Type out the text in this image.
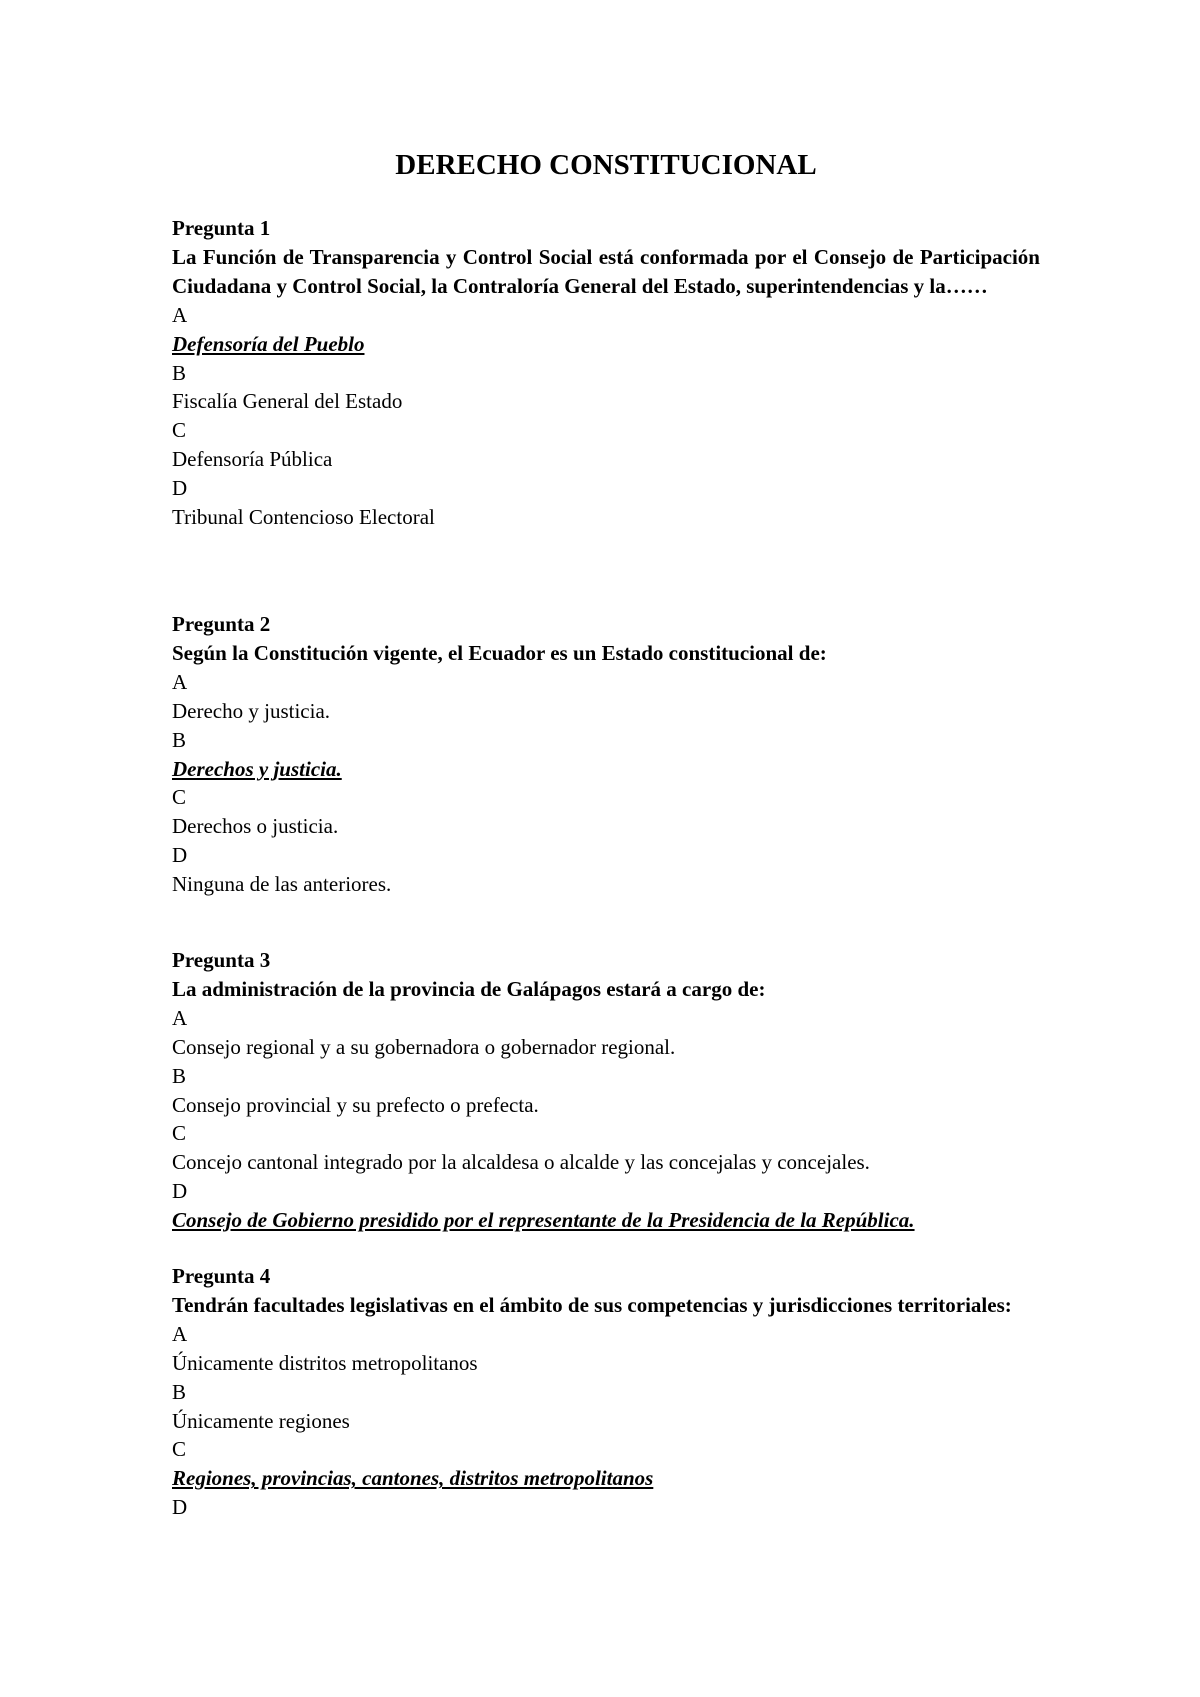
DERECHO CONSTITUCIONAL

Pregunta 1

La Función de Transparencia y Control Social está conformada por el Consejo de Participación Ciudadana y Control Social, la Contraloría General del Estado, superintendencias y la……

A

Defensoría del Pueblo

B

Fiscalía General del Estado

C

Defensoría Pública

D

Tribunal Contencioso Electoral

Pregunta 2

Según la Constitución vigente, el Ecuador es un Estado constitucional de:

A

Derecho y justicia.

B

Derechos y justicia.

C

Derechos o justicia.

D

Ninguna de las anteriores.

Pregunta 3

La administración de la provincia de Galápagos estará a cargo de:

A

Consejo regional y a su gobernadora o gobernador regional.

B

Consejo provincial y su prefecto o prefecta.

C

Concejo cantonal integrado por la alcaldesa o alcalde y las concejalas y concejales.

D

Consejo de Gobierno presidido por el representante de la Presidencia de la República.

Pregunta 4

Tendrán facultades legislativas en el ámbito de sus competencias y jurisdicciones territoriales:

A

Únicamente distritos metropolitanos

B

Únicamente regiones

C

Regiones, provincias, cantones, distritos metropolitanos

D
